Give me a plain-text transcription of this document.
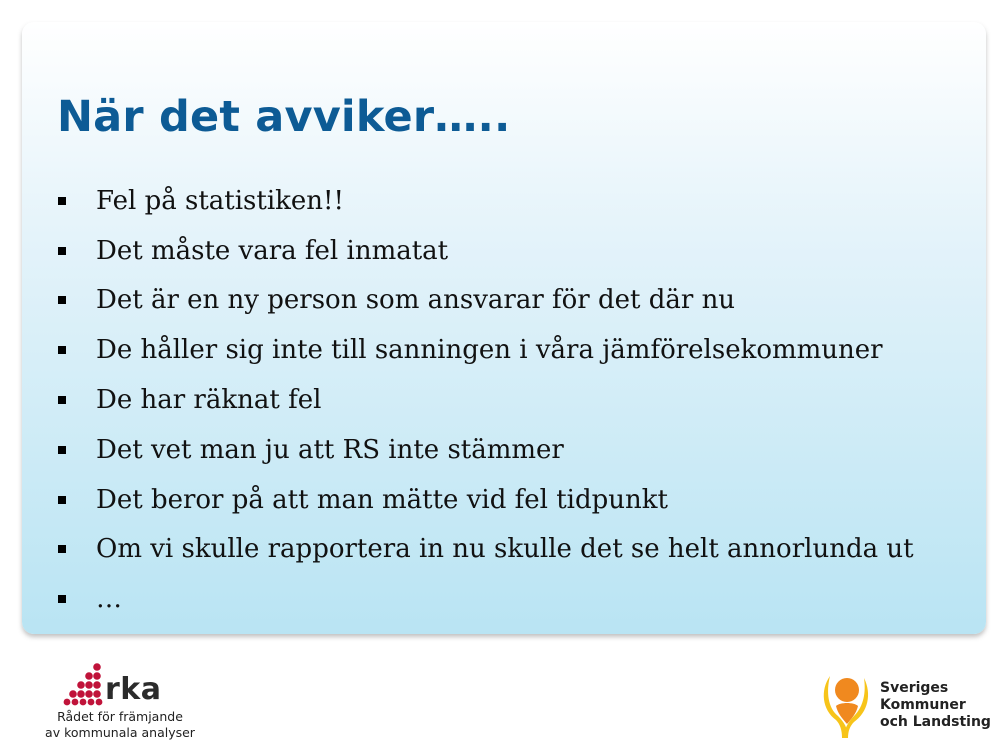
När det avviker…..
Fel på statistiken!!
Det måste vara fel inmatat
Det är en ny person som ansvarar för det där nu
De håller sig inte till sanningen i våra jämförelsekommuner
De har räknat fel
Det vet man ju att RS inte stämmer
Det beror på att man mätte vid fel tidpunkt
Om vi skulle rapportera in nu skulle det se helt annorlunda ut
…
rka
Rådet för främjande
av kommunala analyser
Sveriges
Kommuner
och Landsting
